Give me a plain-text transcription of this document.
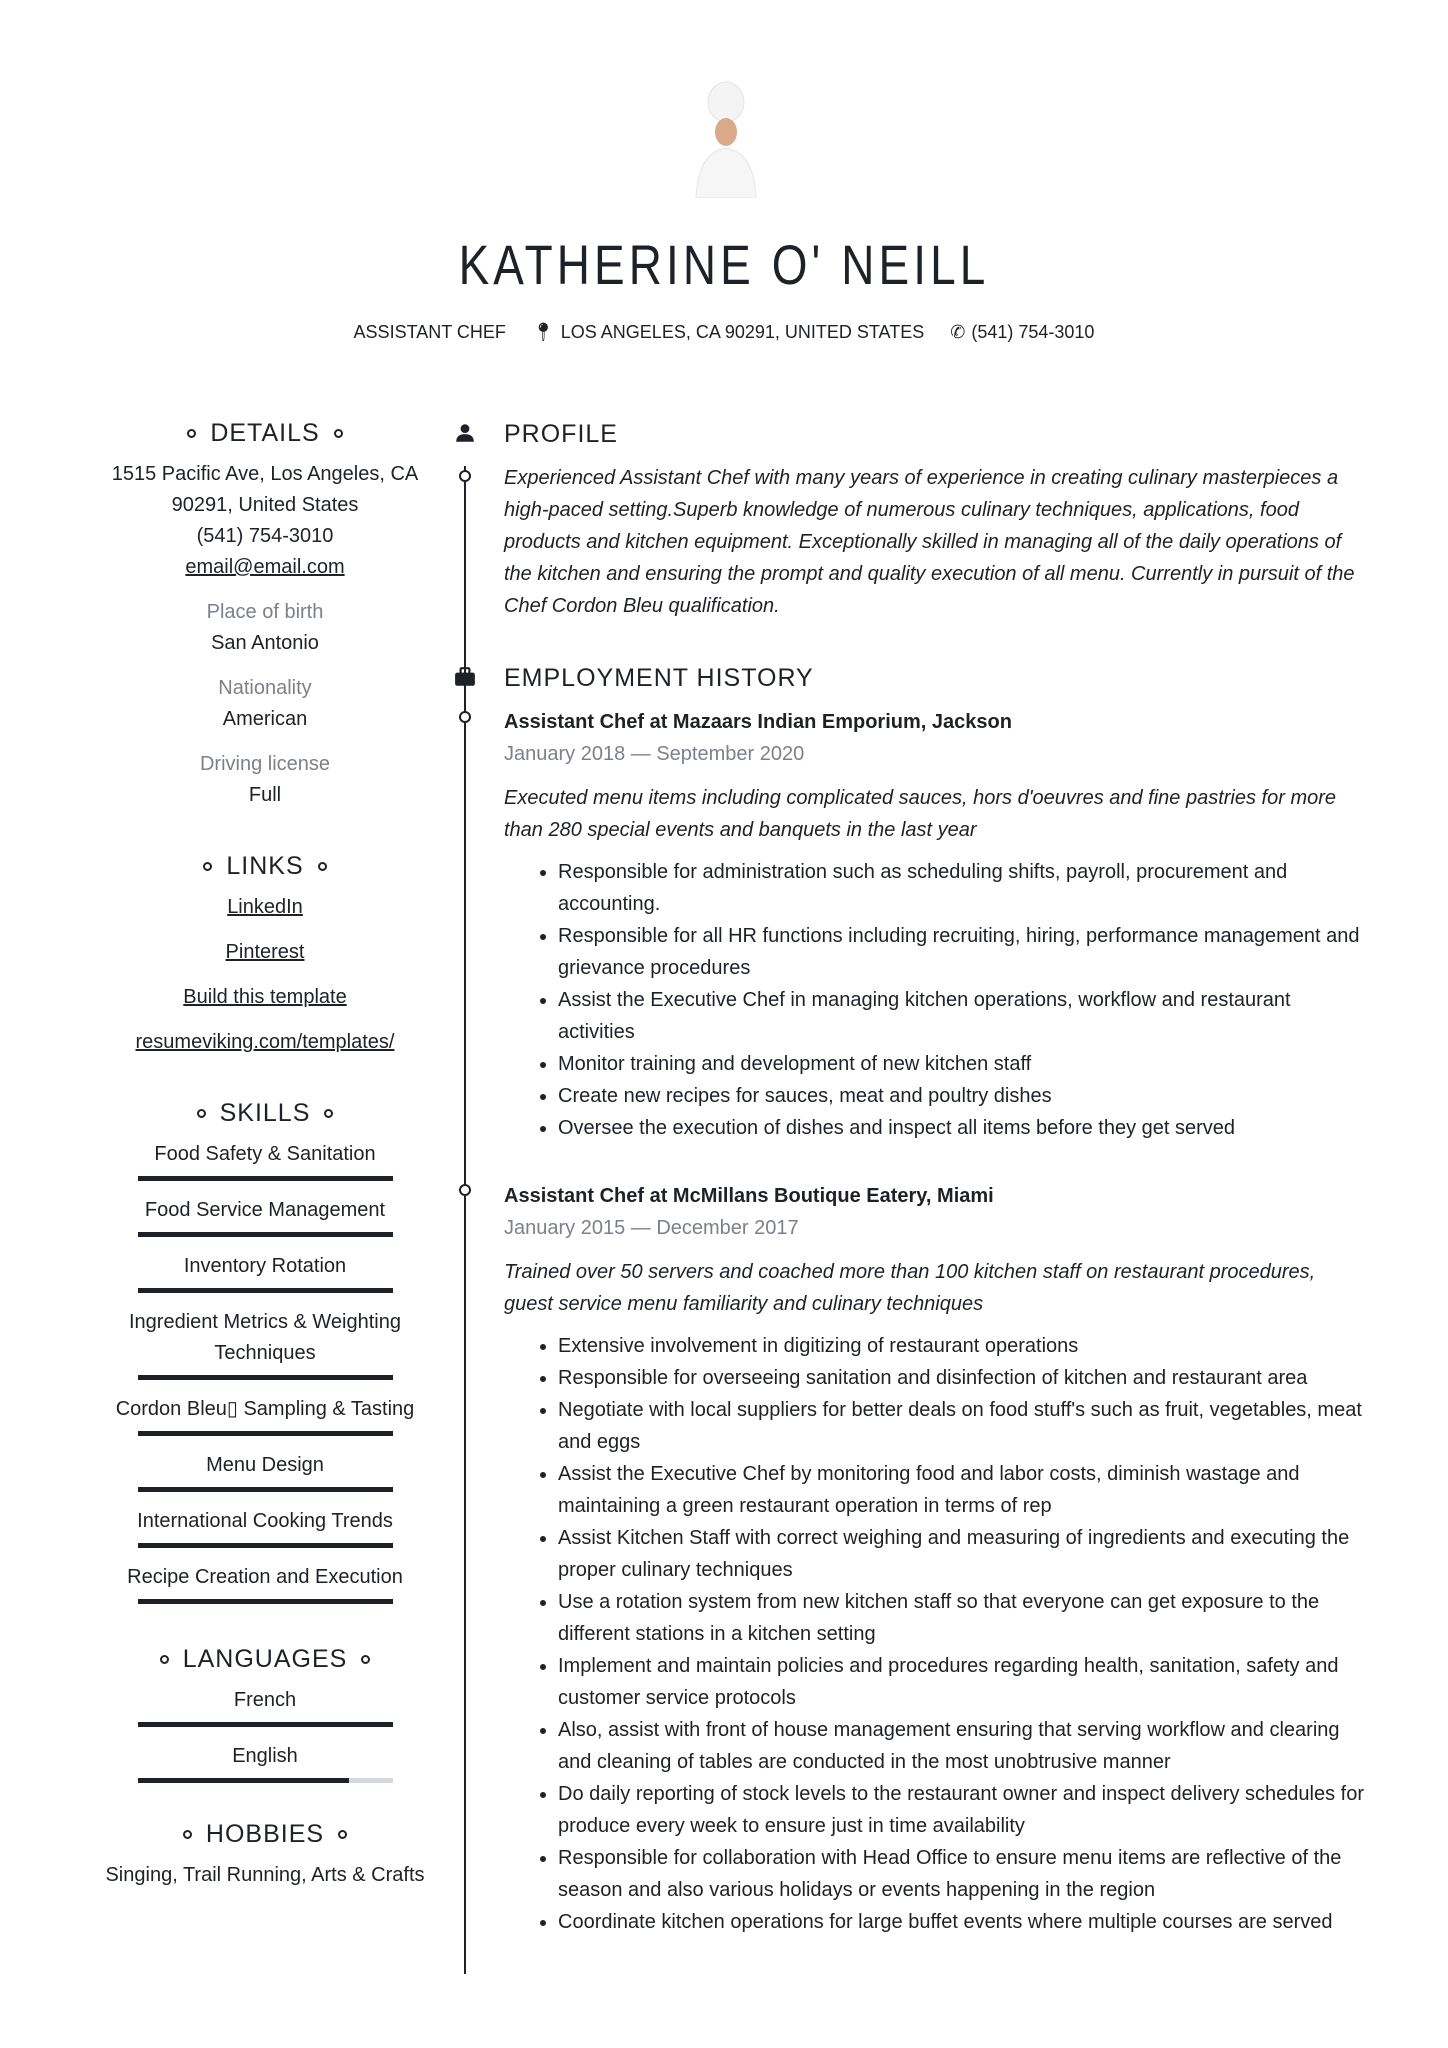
KATHERINE O' NEILL
ASSISTANT CHEF 📍︎ LOS ANGELES, CA 90291, UNITED STATES ✆ (541) 754-3010
DETAILS
1515 Pacific Ave, Los Angeles, CA
90291, United States
(541) 754-3010
email@email.com
Place of birth
San Antonio
Nationality
American
Driving license
Full
LINKS
LinkedIn
Pinterest
Build this template
resumeviking.com/templates/
SKILLS
Food Safety & Sanitation
Food Service Management
Inventory Rotation
Ingredient Metrics & Weighting Techniques
Cordon Bleu▯ Sampling & Tasting
Menu Design
International Cooking Trends
Recipe Creation and Execution
LANGUAGES
French
English
HOBBIES
Singing, Trail Running, Arts & Crafts
PROFILE
Experienced Assistant Chef with many years of experience in creating culinary masterpieces a high-paced setting.Superb knowledge of numerous culinary techniques, applications, food products and kitchen equipment. Exceptionally skilled in managing all of the daily operations of the kitchen and ensuring the prompt and quality execution of all menu. Currently in pursuit of the Chef Cordon Bleu qualification.
EMPLOYMENT HISTORY
Assistant Chef at Mazaars Indian Emporium, Jackson
January 2018 — September 2020
Executed menu items including complicated sauces, hors d'oeuvres and fine pastries for more than 280 special events and banquets in the last year
• Responsible for administration such as scheduling shifts, payroll, procurement and accounting.
• Responsible for all HR functions including recruiting, hiring, performance management and grievance procedures
• Assist the Executive Chef in managing kitchen operations, workflow and restaurant activities
• Monitor training and development of new kitchen staff
• Create new recipes for sauces, meat and poultry dishes
• Oversee the execution of dishes and inspect all items before they get served
Assistant Chef at McMillans Boutique Eatery, Miami
January 2015 — December 2017
Trained over 50 servers and coached more than 100 kitchen staff on restaurant procedures, guest service menu familiarity and culinary techniques
• Extensive involvement in digitizing of restaurant operations
• Responsible for overseeing sanitation and disinfection of kitchen and restaurant area
• Negotiate with local suppliers for better deals on food stuff's such as fruit, vegetables, meat and eggs
• Assist the Executive Chef by monitoring food and labor costs, diminish wastage and maintaining a green restaurant operation in terms of rep
• Assist Kitchen Staff with correct weighing and measuring of ingredients and executing the proper culinary techniques
• Use a rotation system from new kitchen staff so that everyone can get exposure to the different stations in a kitchen setting
• Implement and maintain policies and procedures regarding health, sanitation, safety and customer service protocols
• Also, assist with front of house management ensuring that serving workflow and clearing and cleaning of tables are conducted in the most unobtrusive manner
• Do daily reporting of stock levels to the restaurant owner and inspect delivery schedules for produce every week to ensure just in time availability
• Responsible for collaboration with Head Office to ensure menu items are reflective of the season and also various holidays or events happening in the region
• Coordinate kitchen operations for large buffet events where multiple courses are served
